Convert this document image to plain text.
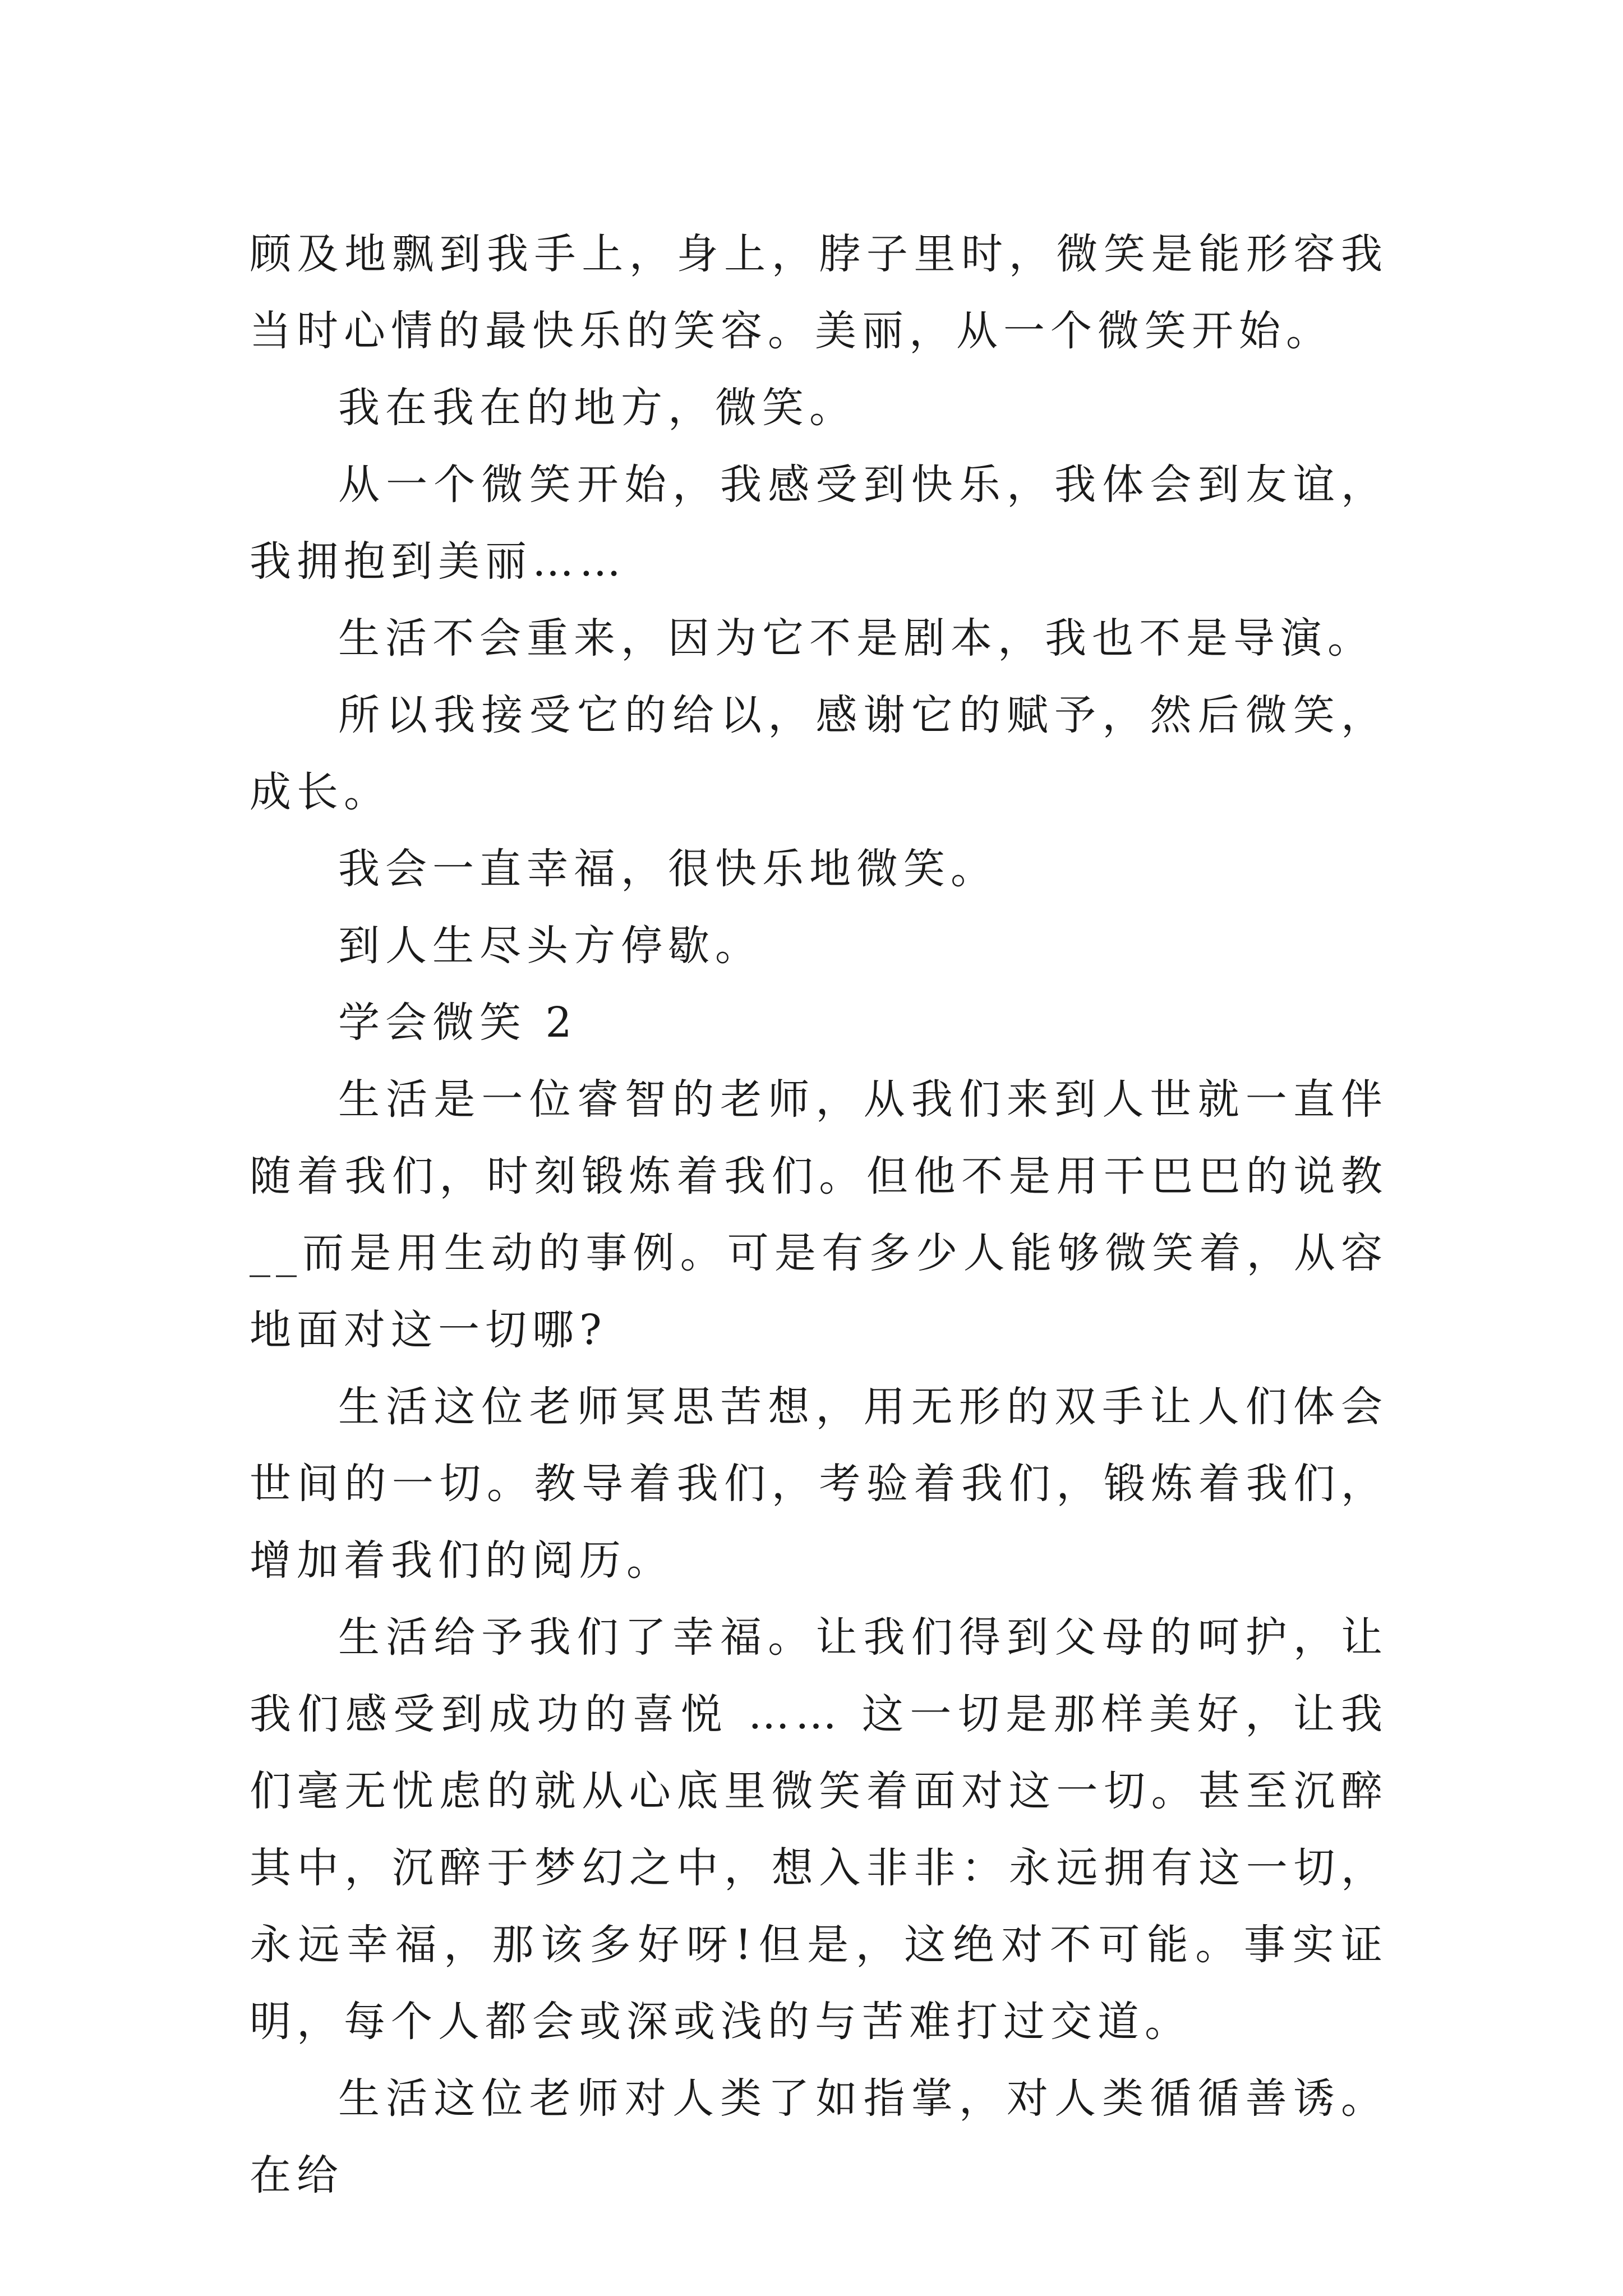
顾及地飘到我手上，身上，脖子里时，微笑是能形容我当时心情的最快乐的笑容。美丽，从一个微笑开始。

我在我在的地方，微笑。

从一个微笑开始，我感受到快乐，我体会到友谊，我拥抱到美丽……

生活不会重来，因为它不是剧本，我也不是导演。

所以我接受它的给以，感谢它的赋予，然后微笑，成长。

我会一直幸福，很快乐地微笑。

到人生尽头方停歇。

学会微笑 2

生活是一位睿智的老师，从我们来到人世就一直伴随着我们，时刻锻炼着我们。但他不是用干巴巴的说教__而是用生动的事例。可是有多少人能够微笑着，从容地面对这一切哪?

生活这位老师冥思苦想，用无形的双手让人们体会世间的一切。教导着我们，考验着我们，锻炼着我们，增加着我们的阅历。

生活给予我们了幸福。让我们得到父母的呵护，让我们感受到成功的喜悦 …… 这一切是那样美好，让我们毫无忧虑的就从心底里微笑着面对这一切。甚至沉醉其中，沉醉于梦幻之中，想入非非：永远拥有这一切，永远幸福，那该多好呀!但是，这绝对不可能。事实证明，每个人都会或深或浅的与苦难打过交道。

生活这位老师对人类了如指掌，对人类循循善诱。在给
